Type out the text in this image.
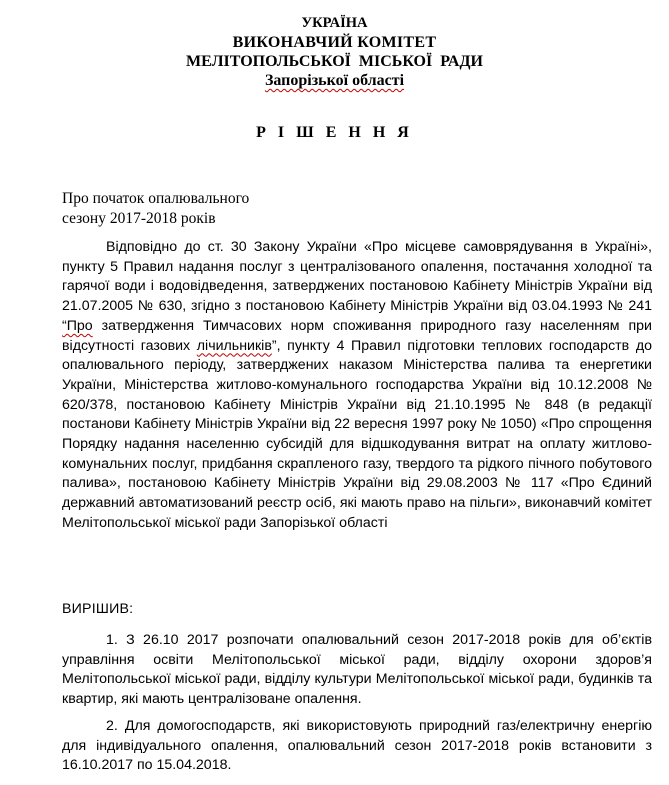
УКРАЇНА
ВИКОНАВЧИЙ КОМІТЕТ
МЕЛІТОПОЛЬСЬКОЇ МІСЬКОЇ РАДИ
Запорізької області
Р І Ш Е Н Н Я
Про початок опалювального
сезону 2017-2018 років

Відповідно до ст. 30 Закону України «Про місцеве самоврядування в Україні», пункту 5 Правил надання послуг з централізованого опалення, постачання холодної та гарячої води і водовідведення, затверджених постановою Кабінету Міністрів України від 21.07.2005 № 630, згідно з постановою Кабінету Міністрів України від 03.04.1993 № 241 “Про затвердження Тимчасових норм споживання природного газу населенням при відсутності газових лічильників”, пункту 4 Правил підготовки теплових господарств до опалювального періоду, затверджених наказом Міністерства палива та енергетики України, Міністерства житлово-комунального господарства України від 10.12.2008 № 620/378, постановою Кабінету Міністрів України від 21.10.1995 № 848 (в редакції постанови Кабінету Міністрів України від 22 вересня 1997 року № 1050) «Про спрощення Порядку надання населенню субсидій для відшкодування витрат на оплату житлово-комунальних послуг, придбання скрапленого газу, твердого та рідкого пічного побутового палива», постановою Кабінету Міністрів України від 29.08.2003 № 117 «Про Єдиний державний автоматизований реєстр осіб, які мають право на пільги», виконавчий комітет Мелітопольської міської ради Запорізької області

ВИРІШИВ:

1. З 26.10 2017 розпочати опалювальний сезон 2017-2018 років для об’єктів управління освіти Мелітопольської міської ради, відділу охорони здоров’я Мелітопольської міської ради, відділу культури Мелітопольської міської ради, будинків та квартир, які мають централізоване опалення.

2. Для домогосподарств, які використовують природний газ/електричну енергію для індивідуального опалення, опалювальний сезон 2017-2018 років встановити з 16.10.2017 по 15.04.2018.
